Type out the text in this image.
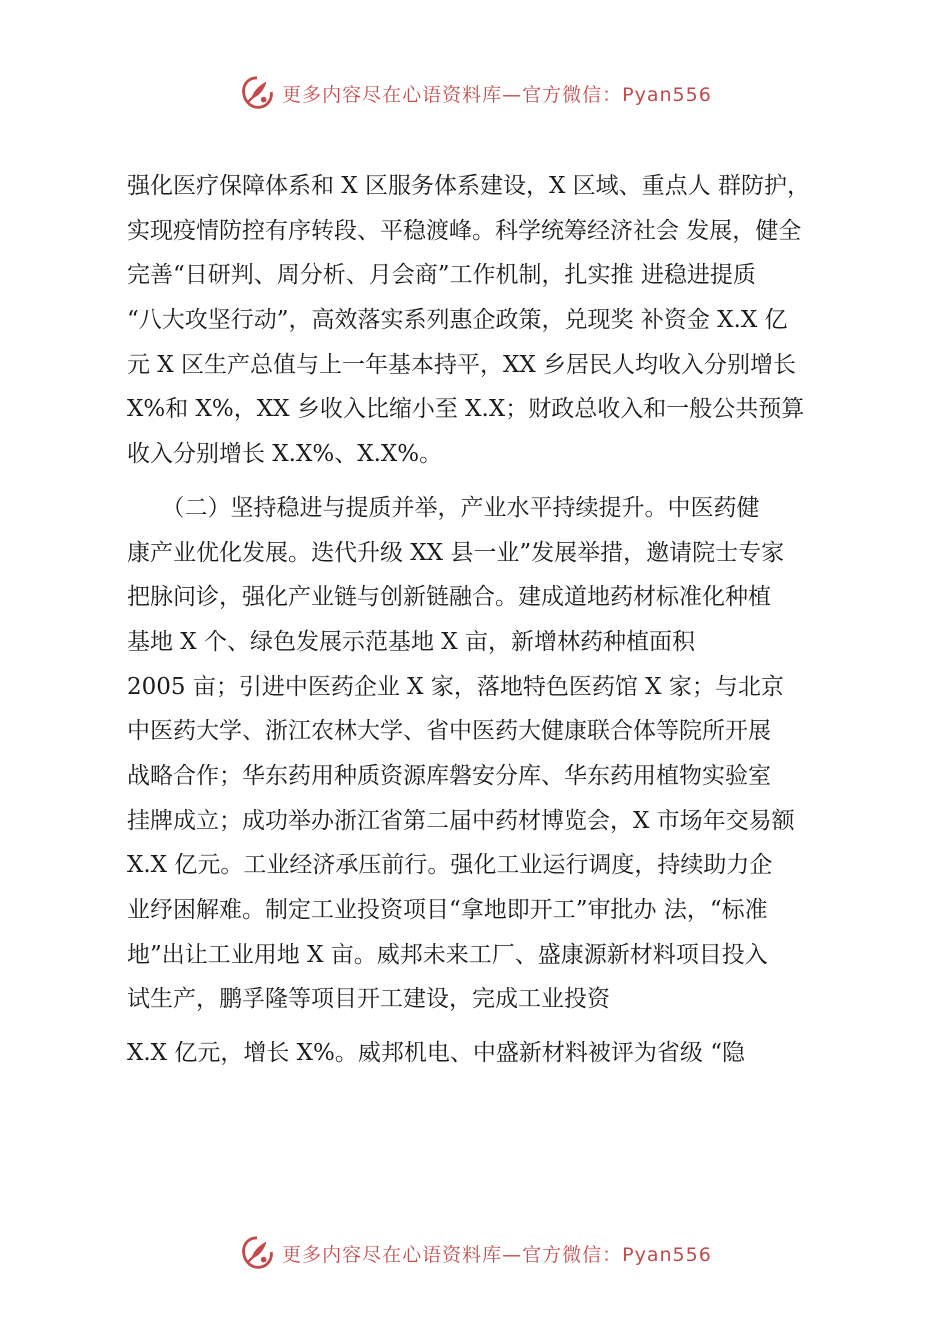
更多内容尽在心语资料库—官方微信：Pyan556
强化医疗保障体系和 X 区服务体系建设，X 区域、重点人 群防护，
实现疫情防控有序转段、平稳渡峰。科学统筹经济社会 发展，健全
完善“日研判、周分析、月会商”工作机制，扎实推 进稳进提质
“八大攻坚行动”，高效落实系列惠企政策，兑现奖 补资金 X.X 亿
元 X 区生产总值与上一年基本持平，XX 乡居民人均收入分别增长
X%和 X%，XX 乡收入比缩小至 X.X；财政总收入和一般公共预算
收入分别增长 X.X%、X.X%。
　　（二）坚持稳进与提质并举，产业水平持续提升。中医药健
康产业优化发展。迭代升级 XX 县一业”发展举措，邀请院士专家
把脉问诊，强化产业链与创新链融合。建成道地药材标准化种植
基地 X 个、绿色发展示范基地 X 亩，新增林药种植面积
2005 亩；引进中医药企业 X 家，落地特色医药馆 X 家；与北京
中医药大学、浙江农林大学、省中医药大健康联合体等院所开展
战略合作；华东药用种质资源库磐安分库、华东药用植物实验室
挂牌成立；成功举办浙江省第二届中药材博览会，X 市场年交易额
X.X 亿元。工业经济承压前行。强化工业运行调度，持续助力企
业纾困解难。制定工业投资项目“拿地即开工”审批办 法，“标准
地”出让工业用地 X 亩。威邦未来工厂、盛康源新材料项目投入
试生产，鹏孚隆等项目开工建设，完成工业投资
X.X 亿元，增长 X%。威邦机电、中盛新材料被评为省级 “隐
更多内容尽在心语资料库—官方微信：Pyan556
